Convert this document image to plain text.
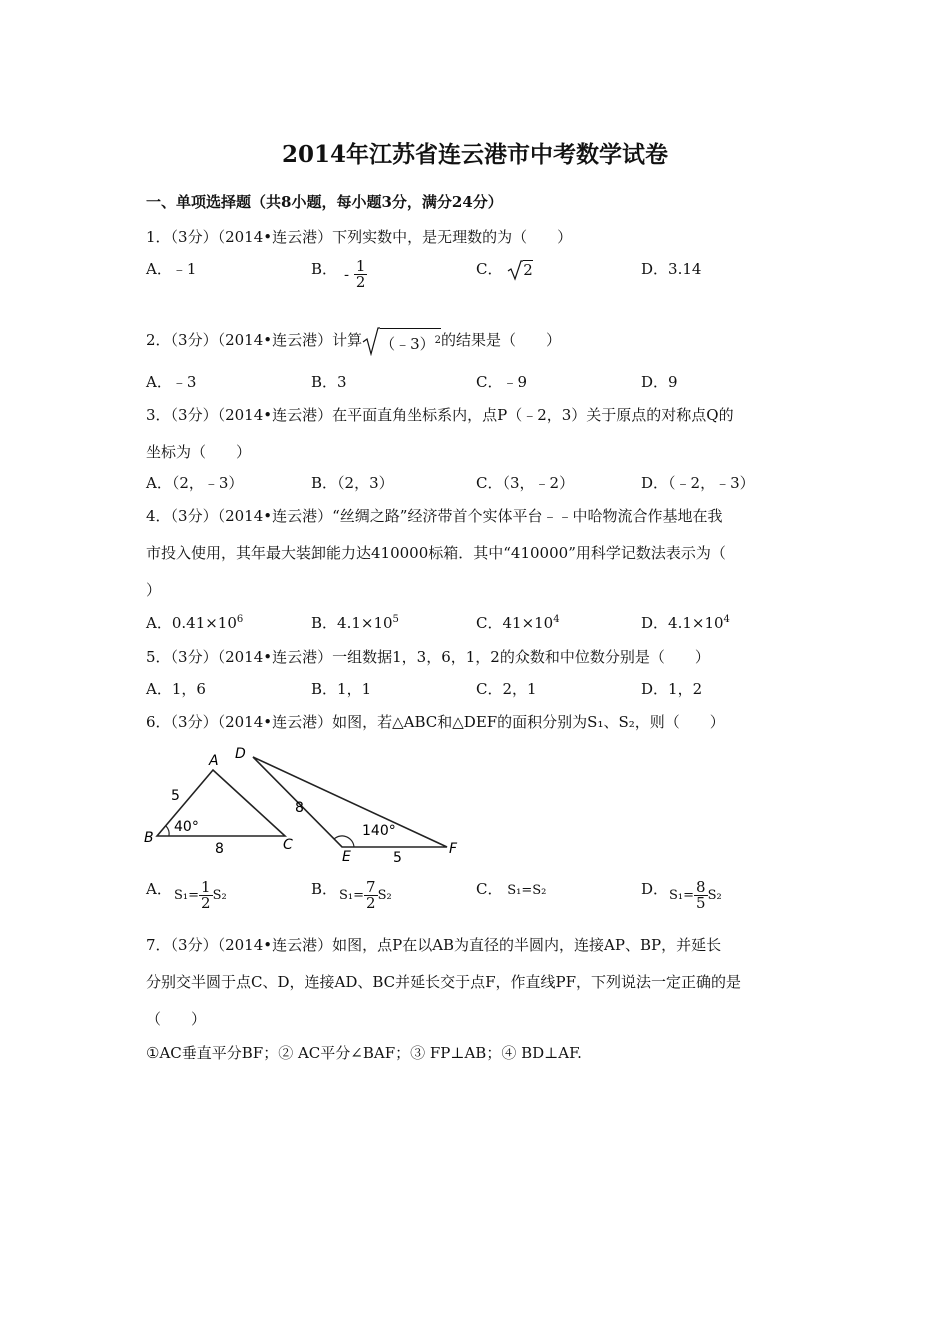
2014年江苏省连云港市中考数学试卷
一、单项选择题（共8小题，每小题3分，满分24分）
1．（3分）（2014•连云港）下列实数中，是无理数的为（　　）
A．﹣1	B． - $\frac{1}{2}$	C． 2	D．3.14
2．（3分）（2014•连云港）计算 （﹣3）$^2$的结果是（　　）
A．﹣3	B．3	C．﹣9	D．9
3．（3分）（2014•连云港）在平面直角坐标系内，点P（﹣2，3）关于原点的对称点Q的
坐标为（　　）
A．（2，﹣3）	B．（2，3）	C．（3，﹣2）	D．（﹣2，﹣3）
4．（3分）（2014•连云港）“丝绸之路”经济带首个实体平台﹣﹣中哈物流合作基地在我
市投入使用，其年最大装卸能力达410000标箱．其中“410000”用科学记数法表示为（
）
A．$0.41\times 10^6$	B．$4.1\times 10^5$	C．$41\times 10^4$	D．$4.1\times 10^4$
5．（3分）（2014•连云港）一组数据1，3，6，1，2的众数和中位数分别是（　　）
A．1，6	B．1，1	C．2，1	D．1，2
6．（3分）（2014•连云港）如图，若△ABC和△DEF的面积分别为S₁、S₂，则（　　）
A
B	C
5
8
40°
D
E	F
8
5
140°
A． $S_1= \frac{1}{2} S_2$	B． $S_1= \frac{7}{2} S_2$	C． S₁=S₂	D． $S_1= \frac{8}{5} S_2$
7．（3分）（2014•连云港）如图，点P在以AB为直径的半圆内，连接AP、BP，并延长
分别交半圆于点C、D，连接AD、BC并延长交于点F，作直线PF，下列说法一定正确的是
（　　）
①AC垂直平分BF；② AC平分∠BAF；③ FP⊥AB；④ BD⊥AF.
